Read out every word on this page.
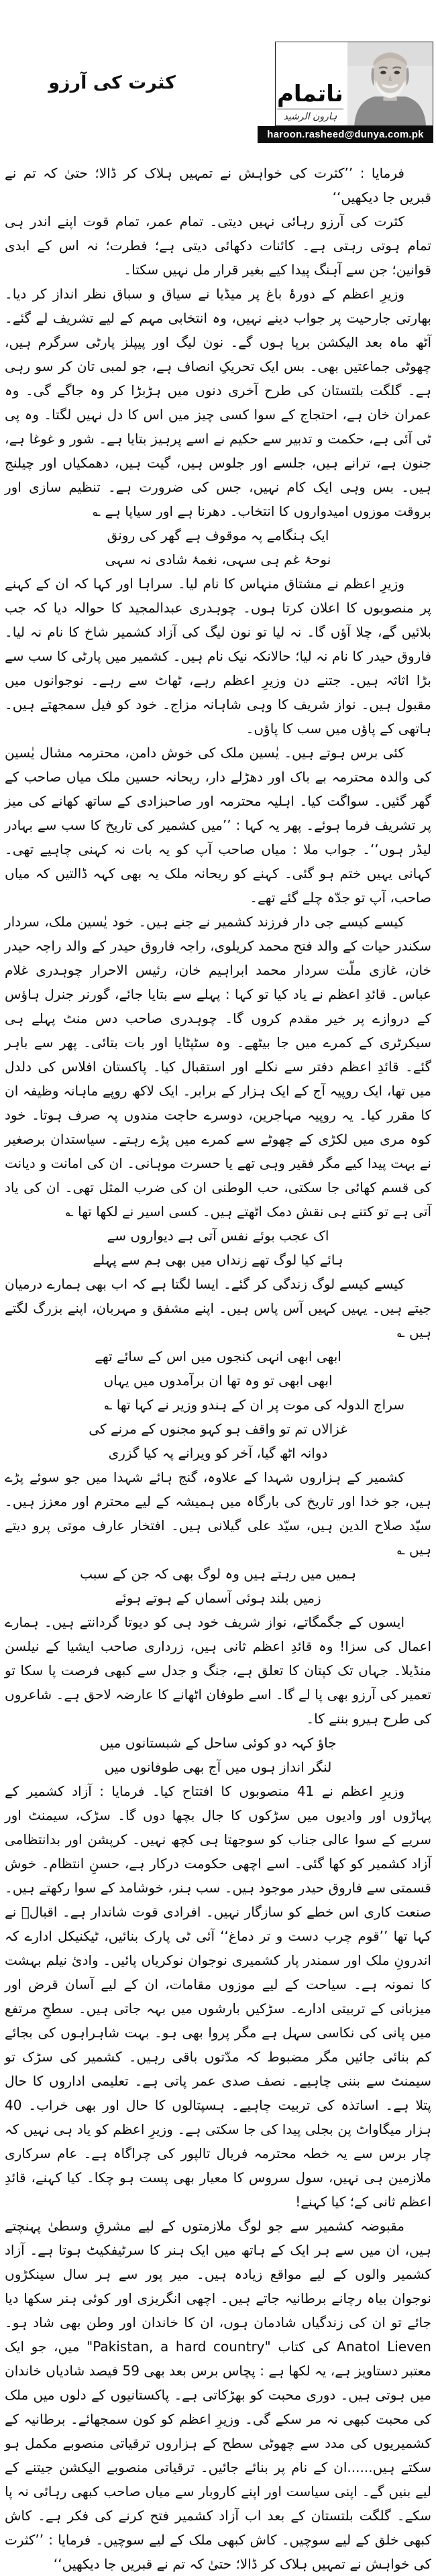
کثرت کی آرزو	ناتمام
ہارون الرشید
haroon.rasheed@dunya.com.pk

فرمایا : ’’کثرت کی خواہش نے تمہیں ہلاک کر ڈالا؛ حتیٰ کہ تم نے قبریں جا دیکھیں‘‘

کثرت کی آرزو رہائی نہیں دیتی۔ تمام عمر، تمام قوت اپنے اندر ہی تمام ہوتی رہتی ہے۔ کائنات دکھائی دیتی ہے؛ فطرت؛ نہ اس کے ابدی قوانین؛ جن سے آہنگ پیدا کیے بغیر قرار مل نہیں سکتا۔

وزیرِ اعظم کے دورۂ باغ پر میڈیا نے سیاق و سباق نظر انداز کر دیا۔ بھارتی جارحیت پر جواب دینے نہیں، وہ انتخابی مہم کے لیے تشریف لے گئے۔ آٹھ ماہ بعد الیکشن برپا ہوں گے۔ نون لیگ اور پیپلز پارٹی سرگرم ہیں، چھوٹی جماعتیں بھی۔ بس ایک تحریکِ انصاف ہے، جو لمبی تان کر سو رہی ہے۔ گلگت بلتستان کی طرح آخری دنوں میں ہڑبڑا کر وہ جاگے گی۔ وہ عمران خان ہے، احتجاج کے سوا کسی چیز میں اس کا دل نہیں لگتا۔ وہ پی ٹی آئی ہے، حکمت و تدبیر سے حکیم نے اسے پرہیز بتایا ہے۔ شور و غوغا ہے، جنون ہے، ترانے ہیں، جلسے اور جلوس ہیں، گیت ہیں، دھمکیاں اور چیلنج ہیں۔ بس وہی ایک کام نہیں، جس کی ضرورت ہے۔ تنظیم سازی اور بروقت موزوں امیدواروں کا انتخاب۔ دھرنا ہے اور سیاپا ہے ؎

ایک ہنگامے پہ موقوف ہے گھر کی رونق
نوحۂ غم ہی سہی، نغمۂ شادی نہ سہی

وزیرِ اعظم نے مشتاق منہاس کا نام لیا۔ سراہا اور کہا کہ ان کے کہنے پر منصوبوں کا اعلان کرتا ہوں۔ چوہدری عبدالمجید کا حوالہ دیا کہ جب بلائیں گے، چلا آؤں گا۔ نہ لیا تو نون لیگ کی آزاد کشمیر شاخ کا نام نہ لیا۔ فاروق حیدر کا نام نہ لیا؛ حالانکہ نیک نام ہیں۔ کشمیر میں پارٹی کا سب سے بڑا اثاثہ ہیں۔ جتنے دن وزیرِ اعظم رہے، ٹھاٹ سے رہے۔ نوجوانوں میں مقبول ہیں۔ نواز شریف کا وہی شاہانہ مزاج۔ خود کو فیل سمجھتے ہیں۔ ہاتھی کے پاؤں میں سب کا پاؤں۔

کئی برس ہوتے ہیں۔ یٰسین ملک کی خوش دامن، محترمہ مشال یٰسین کی والدہ محترمہ بے باک اور دھڑلے دار، ریحانہ حسین ملک میاں صاحب کے گھر گئیں۔ سواگت کیا۔ اہلیہ محترمہ اور صاحبزادی کے ساتھ کھانے کی میز پر تشریف فرما ہوئے۔ پھر یہ کہا : ’’میں کشمیر کی تاریخ کا سب سے بہادر لیڈر ہوں‘‘۔ جواب ملا : میاں صاحب آپ کو یہ بات نہ کہنی چاہیے تھی۔ کہانی یہیں ختم ہو گئی۔ کہنے کو ریحانہ ملک یہ بھی کہہ ڈالتیں کہ میاں صاحب، آپ تو جدّہ چلے گئے تھے۔

کیسے کیسے جی دار فرزند کشمیر نے جنے ہیں۔ خود یٰسین ملک، سردار سکندر حیات کے والد فتح محمد کریلوی، راجہ فاروق حیدر کے والد راجہ حیدر خان، غازی ملّت سردار محمد ابراہیم خان، رئیس الاحرار چوہدری غلام عباس۔ قائدِ اعظم نے یاد کیا تو کہا : پہلے سے بتایا جائے، گورنر جنرل ہاؤس کے دروازے پر خیر مقدم کروں گا۔ چوہدری صاحب دس منٹ پہلے ہی سیکرٹری کے کمرے میں جا بیٹھے۔ وہ سٹپٹایا اور بات بتائی۔ پھر سے باہر گئے۔ قائدِ اعظم دفتر سے نکلے اور استقبال کیا۔ پاکستان افلاس کی دلدل میں تھا، ایک روپیہ آج کے ایک ہزار کے برابر۔ ایک لاکھ روپے ماہانہ وظیفہ ان کا مقرر کیا۔ یہ روپیہ مہاجرین، دوسرے حاجت مندوں پہ صرف ہوتا۔ خود کوہ مری میں لکڑی کے چھوٹے سے کمرے میں پڑے رہتے۔ سیاستدان برصغیر نے بہت پیدا کیے مگر فقیر وہی تھے یا حسرت موہانی۔ ان کی امانت و دیانت کی قسم کھائی جا سکتی، حب الوطنی ان کی ضرب المثل تھی۔ ان کی یاد آتی ہے تو کتنے ہی نقش دمک اٹھتے ہیں۔ کسی اسیر نے لکھا تھا ؎

اک عجب بوئے نفس آتی ہے دیواروں سے
ہائے کیا لوگ تھے زنداں میں بھی ہم سے پہلے

کیسے کیسے لوگ زندگی کر گئے۔ ایسا لگتا ہے کہ اب بھی ہمارے درمیان جیتے ہیں۔ یہیں کہیں آس پاس ہیں۔ اپنے مشفق و مہربان، اپنے بزرگ لگتے ہیں ؎

ابھی ابھی انہی کنجوں میں اس کے سائے تھے
ابھی ابھی تو وہ تھا ان برآمدوں میں یہاں

سراج الدولہ کی موت پر ان کے ہندو وزیر نے کہا تھا ؎

غزالاں تم تو واقف ہو کہو مجنوں کے مرنے کی
دوانہ اٹھ گیا، آخر کو ویرانے پہ کیا گزری

کشمیر کے ہزاروں شہدا کے علاوہ، گنج ہائے شہدا میں جو سوئے پڑے ہیں، جو خدا اور تاریخ کی بارگاہ میں ہمیشہ کے لیے محترم اور معزز ہیں۔ سیّد صلاح الدین ہیں، سیّد علی گیلانی ہیں۔ افتخار عارف موتی پرو دیتے ہیں ؎

ہمیں میں رہتے ہیں وہ لوگ بھی کہ جن کے سبب
زمیں بلند ہوئی آسماں کے ہوتے ہوئے

ایسوں کے جگمگاتے، نواز شریف خود ہی کو دیوتا گردانتے ہیں۔ ہمارے اعمال کی سزا! وہ قائدِ اعظم ثانی ہیں، زرداری صاحب ایشیا کے نیلسن منڈیلا۔ جہاں تک کپتان کا تعلق ہے، جنگ و جدل سے کبھی فرصت پا سکا تو تعمیر کی آرزو بھی پا لے گا۔ اسے طوفان اٹھانے کا عارضہ لاحق ہے۔ شاعروں کی طرح ہیرو بننے کا۔

جاؤ کہہ دو کوئی ساحل کے شبستانوں میں
لنگر انداز ہوں میں آج بھی طوفانوں میں

وزیرِ اعظم نے 41 منصوبوں کا افتتاح کیا۔ فرمایا : آزاد کشمیر کے پہاڑوں اور وادیوں میں سڑکوں کا جال بچھا دوں گا۔ سڑک، سیمنٹ اور سریے کے سوا عالی جناب کو سوجھتا ہی کچھ نہیں۔ کرپشن اور بدانتظامی آزاد کشمیر کو کھا گئی۔ اسے اچھی حکومت درکار ہے، حسنِ انتظام۔ خوش قسمتی سے فاروق حیدر موجود ہیں۔ سب ہنر، خوشامد کے سوا رکھتے ہیں۔ صنعت کاری اس خطے کو سازگار نہیں۔ افرادی قوت شاندار ہے۔ اقبالؔ نے کہا تھا ’’قوم چرب دست و تر دماغ‘‘ آئی ٹی پارک بنائیں، ٹیکنیکل ادارے کہ اندرونِ ملک اور سمندر پار کشمیری نوجوان نوکریاں پائیں۔ وادیٔ نیلم بہشت کا نمونہ ہے۔ سیاحت کے لیے موزوں مقامات، ان کے لیے آسان قرض اور میزبانی کے تربیتی ادارے۔ سڑکیں بارشوں میں بہہ جاتی ہیں۔ سطحِ مرتفع میں پانی کی نکاسی سہل ہے مگر پروا بھی ہو۔ بہت شاہراہوں کی بجائے کم بنائی جائیں مگر مضبوط کہ مدّتوں باقی رہیں۔ کشمیر کی سڑک تو سیمنٹ سے بننی چاہیے۔ نصف صدی عمر پاتی ہے۔ تعلیمی اداروں کا حال پتلا ہے۔ اساتذہ کی تربیت چاہیے۔ ہسپتالوں کا حال اور بھی خراب۔ 40 ہزار میگاواٹ پن بجلی پیدا کی جا سکتی ہے۔ وزیرِ اعظم کو یاد ہی نہیں کہ چار برس سے یہ خطہ محترمہ فریال تالپور کی چراگاہ ہے۔ عام سرکاری ملازمین ہی نہیں، سول سروس کا معیار بھی پست ہو چکا۔ کیا کہنے، قائدِ اعظم ثانی کے؛ کیا کہنے!

مقبوضہ کشمیر سے جو لوگ ملازمتوں کے لیے مشرقِ وسطیٰ پہنچتے ہیں، ان میں سے ہر ایک کے ہاتھ میں ایک ہنر کا سرٹیفکیٹ ہوتا ہے۔ آزاد کشمیر والوں کے لیے مواقع زیادہ ہیں۔ میر پور سے ہر سال سینکڑوں نوجوان بیاہ رچانے برطانیہ جاتے ہیں۔ اچھی انگریزی اور کوئی ہنر سکھا دیا جائے تو ان کی زندگیاں شادمان ہوں، ان کا خاندان اور وطن بھی شاد ہو۔ Anatol Lieven کی کتاب "Pakistan, a hard country" میں، جو ایک معتبر دستاویز ہے، یہ لکھا ہے : پچاس برس بعد بھی 59 فیصد شادیاں خاندان میں ہوتی ہیں۔ دوری محبت کو بھڑکاتی ہے۔ پاکستانیوں کے دلوں میں ملک کی محبت کبھی نہ مر سکے گی۔ وزیرِ اعظم کو کون سمجھائے۔ برطانیہ کے کشمیریوں کی مدد سے چھوٹی سطح کے ہزاروں ترقیاتی منصوبے مکمل ہو سکتے ہیں......ان کے نام پر بنائے جائیں۔ ترقیاتی منصوبے الیکشن جیتنے کے لیے بنیں گے۔ اپنی سیاست اور اپنے کاروبار سے میاں صاحب کبھی رہائی نہ پا سکے۔ گلگت بلتستان کے بعد اب آزاد کشمیر فتح کرنے کی فکر ہے۔ کاش کبھی خلق کے لیے سوچیں۔ کاش کبھی ملک کے لیے سوچیں۔ فرمایا : ’’کثرت کی خواہش نے تمہیں ہلاک کر ڈالا؛ حتیٰ کہ تم نے قبریں جا دیکھیں‘‘
